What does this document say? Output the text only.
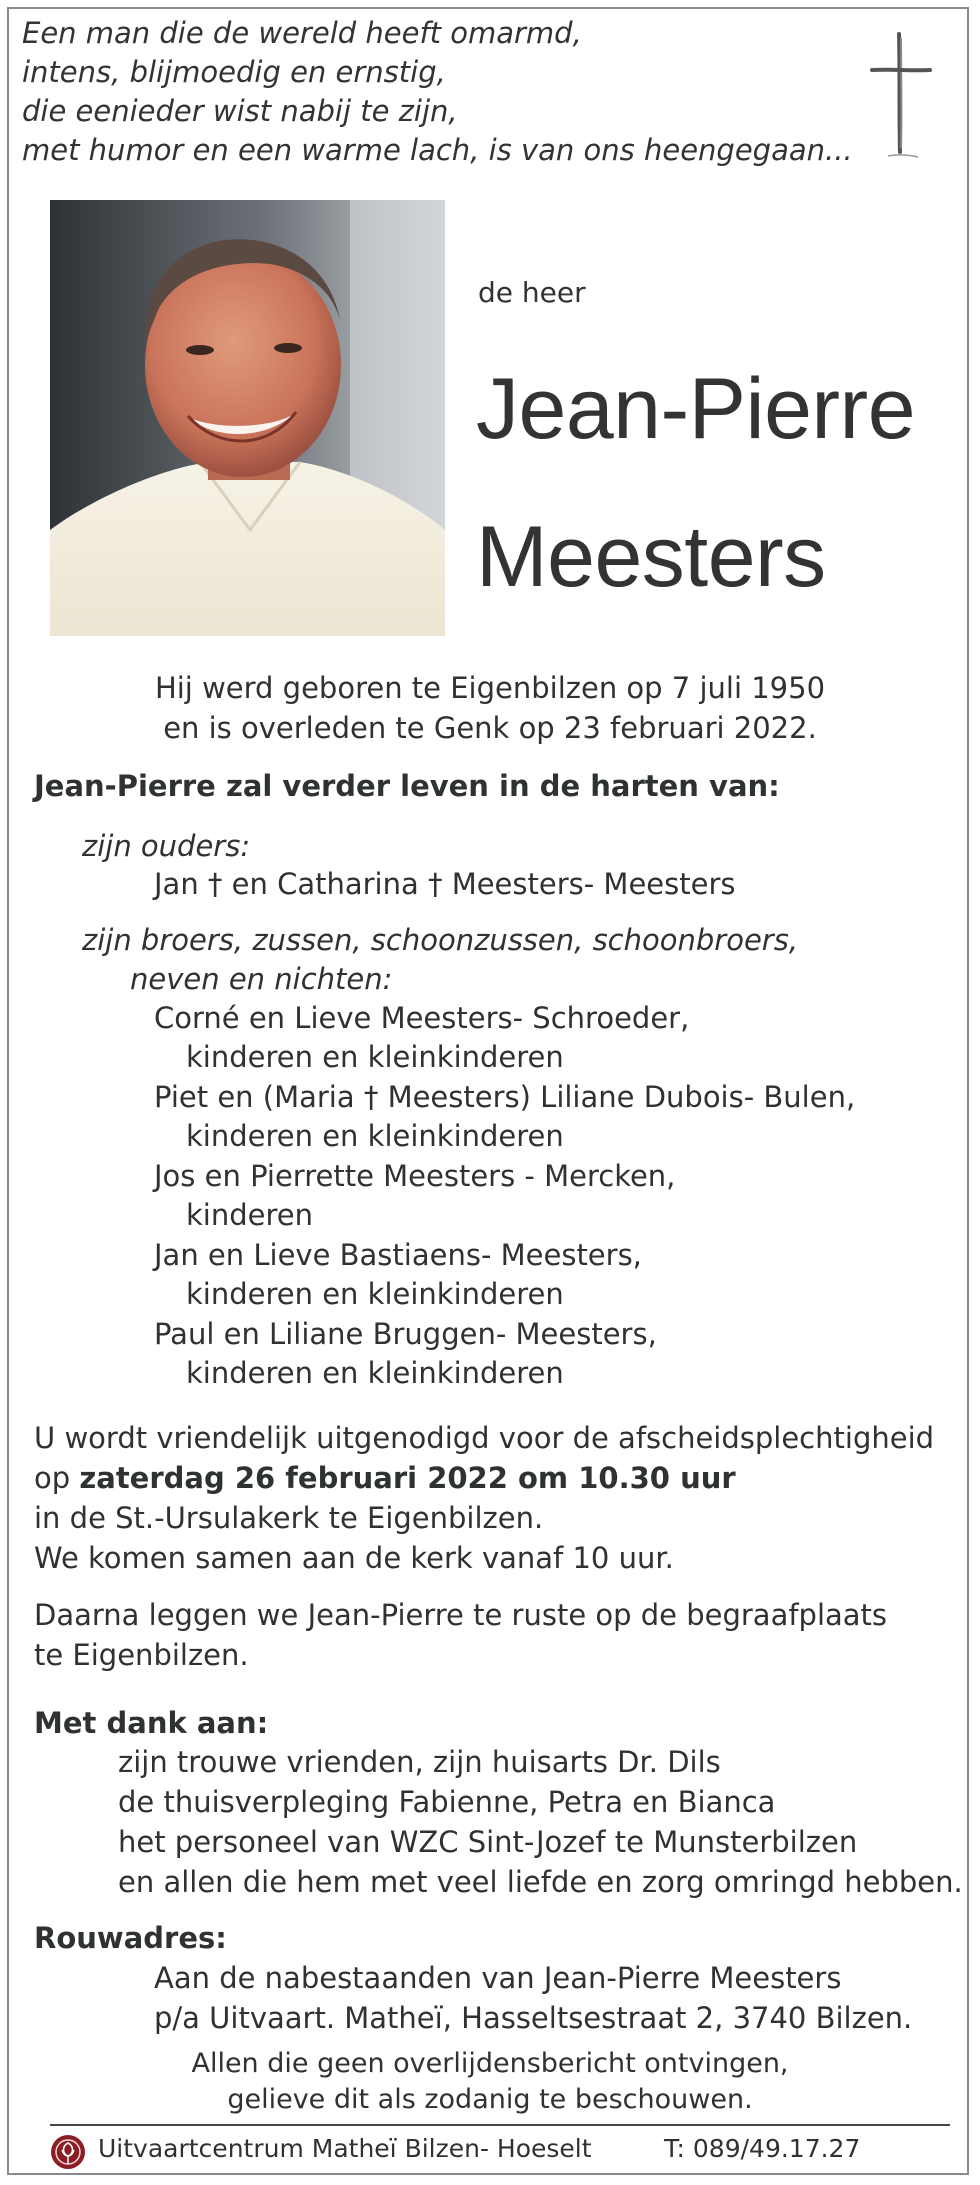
Een man die de wereld heeft omarmd,
intens, blijmoedig en ernstig,
die eenieder wist nabij te zijn,
met humor en een warme lach, is van ons heengegaan...
de heer
Jean-Pierre
Meesters
Hij werd geboren te Eigenbilzen op 7 juli 1950
en is overleden te Genk op 23 februari 2022.
Jean-Pierre zal verder leven in de harten van:
zijn ouders:
Jan † en Catharina † Meesters- Meesters
zijn broers, zussen, schoonzussen, schoonbroers,
neven en nichten:
Corné en Lieve Meesters- Schroeder,
kinderen en kleinkinderen
Piet en (Maria † Meesters) Liliane Dubois- Bulen,
kinderen en kleinkinderen
Jos en Pierrette Meesters - Mercken,
kinderen
Jan en Lieve Bastiaens- Meesters,
kinderen en kleinkinderen
Paul en Liliane Bruggen- Meesters,
kinderen en kleinkinderen
U wordt vriendelijk uitgenodigd voor de afscheidsplechtigheid
op zaterdag 26 februari 2022 om 10.30 uur
in de St.-Ursulakerk te Eigenbilzen.
We komen samen aan de kerk vanaf 10 uur.
Daarna leggen we Jean-Pierre te ruste op de begraafplaats
te Eigenbilzen.
Met dank aan:
zijn trouwe vrienden, zijn huisarts Dr. Dils
de thuisverpleging Fabienne, Petra en Bianca
het personeel van WZC Sint-Jozef te Munsterbilzen
en allen die hem met veel liefde en zorg omringd hebben.
Rouwadres:
Aan de nabestaanden van Jean-Pierre Meesters
p/a Uitvaart. Matheï, Hasseltsestraat 2, 3740 Bilzen.
Allen die geen overlijdensbericht ontvingen,
gelieve dit als zodanig te beschouwen.
Uitvaartcentrum Matheï Bilzen- Hoeselt	T: 089/49.17.27
